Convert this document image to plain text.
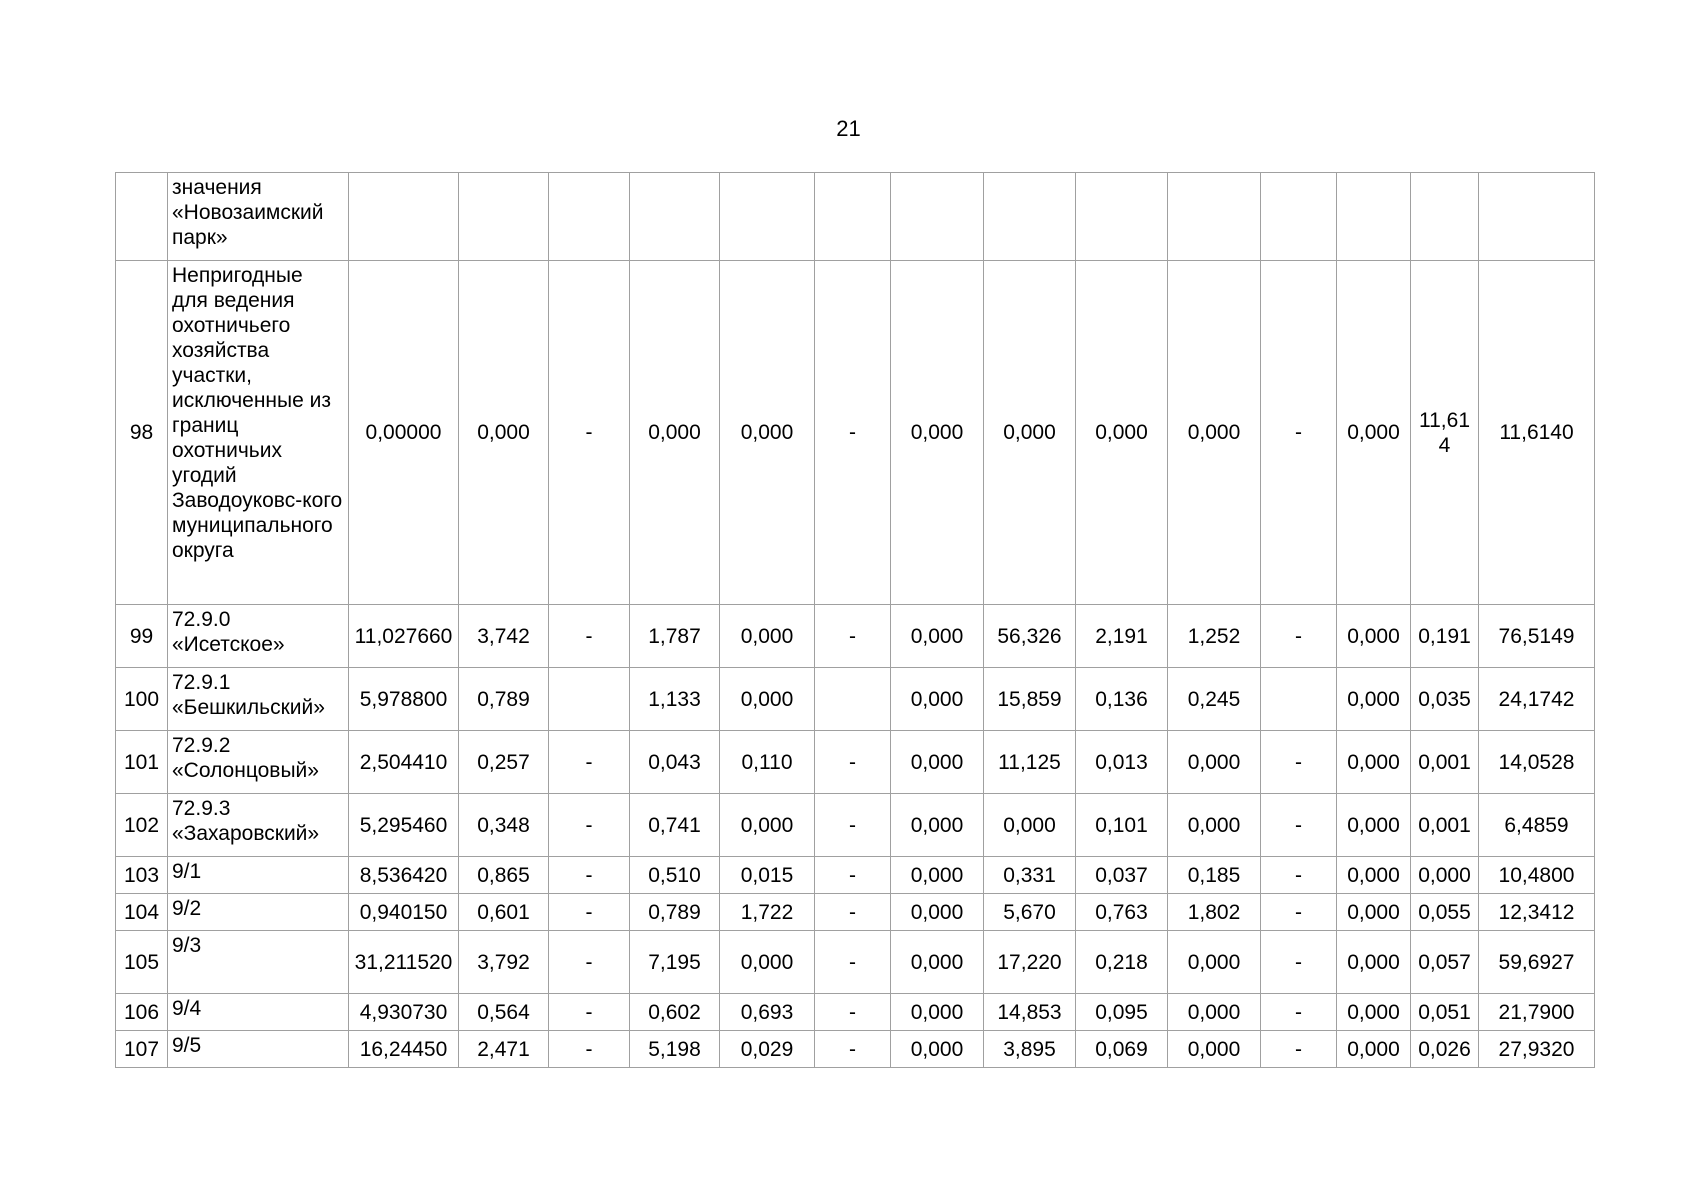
21
	значения «Новозаимский парк»														
98	Непригодные для ведения охотничьего хозяйства участки, исключенные из границ охотничьих угодий Заводоуковс-кого муниципального округа	0,00000	0,000	-	0,000	0,000	-	0,000	0,000	0,000	0,000	-	0,000	11,614	11,6140
99	72.9.0 «Исетское»	11,027660	3,742	-	1,787	0,000	-	0,000	56,326	2,191	1,252	-	0,000	0,191	76,5149
100	72.9.1 «Бешкильский»	5,978800	0,789		1,133	0,000		0,000	15,859	0,136	0,245		0,000	0,035	24,1742
101	72.9.2 «Солонцовый»	2,504410	0,257	-	0,043	0,110	-	0,000	11,125	0,013	0,000	-	0,000	0,001	14,0528
102	72.9.3 «Захаровский»	5,295460	0,348	-	0,741	0,000	-	0,000	0,000	0,101	0,000	-	0,000	0,001	6,4859
103	9/1	8,536420	0,865	-	0,510	0,015	-	0,000	0,331	0,037	0,185	-	0,000	0,000	10,4800
104	9/2	0,940150	0,601	-	0,789	1,722	-	0,000	5,670	0,763	1,802	-	0,000	0,055	12,3412
105	9/3	31,211520	3,792	-	7,195	0,000	-	0,000	17,220	0,218	0,000	-	0,000	0,057	59,6927
106	9/4	4,930730	0,564	-	0,602	0,693	-	0,000	14,853	0,095	0,000	-	0,000	0,051	21,7900
107	9/5	16,24450	2,471	-	5,198	0,029	-	0,000	3,895	0,069	0,000	-	0,000	0,026	27,9320
